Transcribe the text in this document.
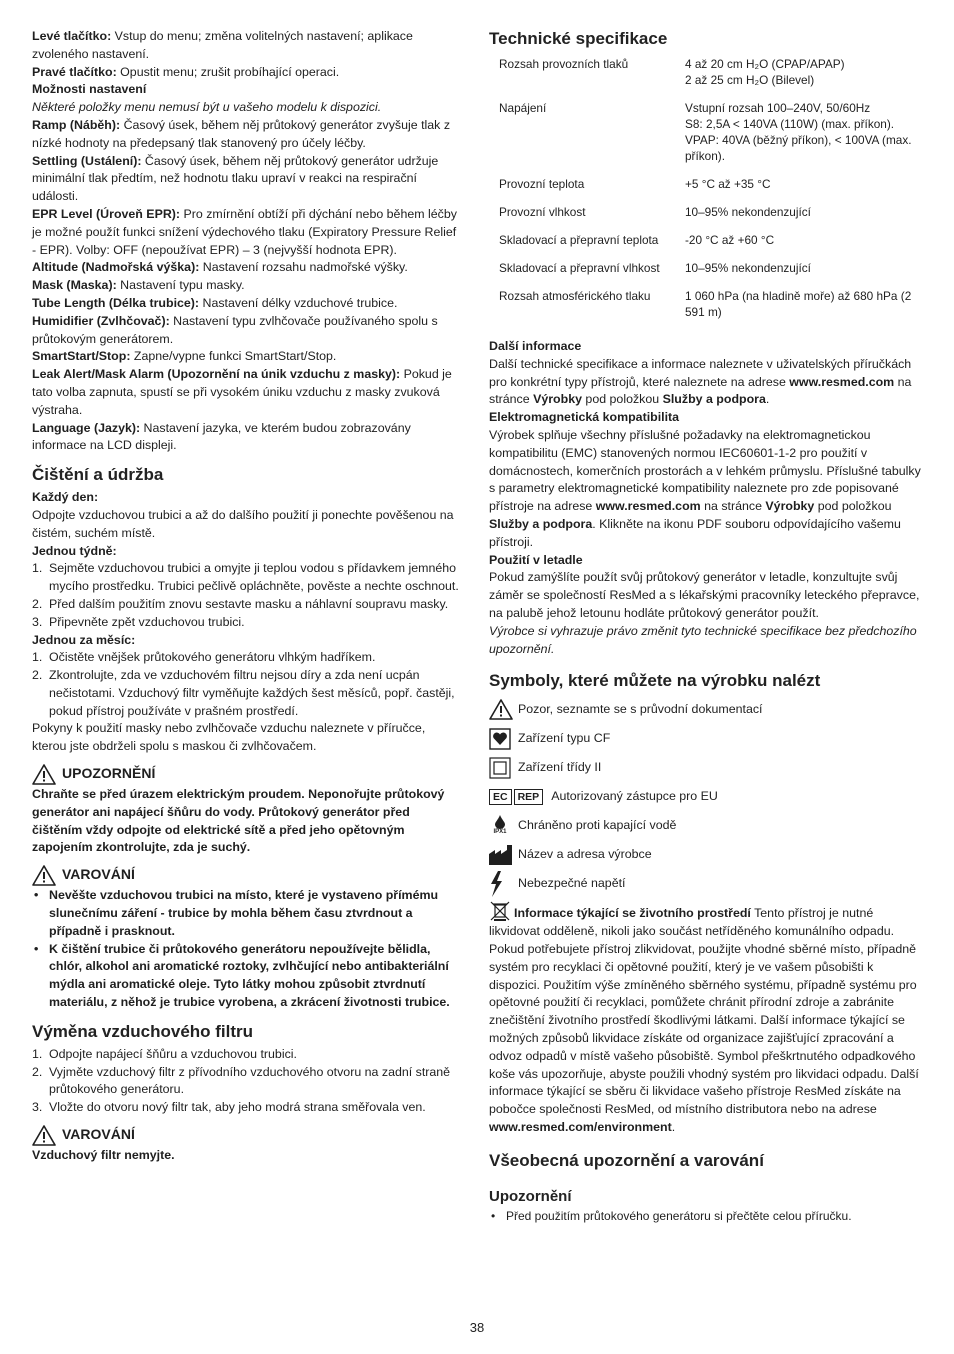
Levé tlačítko: Vstup do menu; změna volitelných nastavení; aplikace zvoleného nastavení.

Pravé tlačítko: Opustit menu; zrušit probíhající operaci.

Možnosti nastavení

Některé položky menu nemusí být u vašeho modelu k dispozici.

Ramp (Náběh): Časový úsek, během něj průtokový generátor zvyšuje tlak z nízké hodnoty na předepsaný tlak stanovený pro účely léčby.

Settling (Ustálení): Časový úsek, během něj průtokový generátor udržuje minimální tlak předtím, než hodnotu tlaku upraví v reakci na respirační události.

EPR Level (Úroveň EPR): Pro zmírnění obtíží při dýchání nebo během léčby je možné použít funkci snížení výdechového tlaku (Expiratory Pressure Relief - EPR). Volby: OFF (nepoužívat EPR) – 3 (nejvyšší hodnota EPR).

Altitude (Nadmořská výška): Nastavení rozsahu nadmořské výšky.

Mask (Maska): Nastavení typu masky.

Tube Length (Délka trubice): Nastavení délky vzduchové trubice.

Humidifier (Zvlhčovač): Nastavení typu zvlhčovače používaného spolu s průtokovým generátorem.

SmartStart/Stop: Zapne/vypne funkci SmartStart/Stop.

Leak Alert/Mask Alarm (Upozornění na únik vzduchu z masky): Pokud je tato volba zapnuta, spustí se při vysokém úniku vzduchu z masky zvuková výstraha.

Language (Jazyk): Nastavení jazyka, ve kterém budou zobrazovány informace na LCD displeji.

Čištění a údržba

Každý den:

Odpojte vzduchovou trubici a až do dalšího použití ji ponechte pověšenou na čistém, suchém místě.

Jednou týdně:

1. Sejměte vzduchovou trubici a omyjte ji teplou vodou s přídavkem jemného mycího prostředku. Trubici pečlivě opláchněte, pověste a nechte oschnout.
2. Před dalším použitím znovu sestavte masku a náhlavní soupravu masky.
3. Připevněte zpět vzduchovou trubici.

Jednou za měsíc:

1. Očistěte vnějšek průtokového generátoru vlhkým hadříkem.
2. Zkontrolujte, zda ve vzduchovém filtru nejsou díry a zda není ucpán nečistotami. Vzduchový filtr vyměňujte každých šest měsíců, popř. častěji, pokud přístroj používáte v prašném prostředí.

Pokyny k použití masky nebo zvlhčovače vzduchu naleznete v příručce, kterou jste obdrželi spolu s maskou či zvlhčovačem.

UPOZORNĚNÍ

Chraňte se před úrazem elektrickým proudem. Neponořujte průtokový generátor ani napájecí šňůru do vody. Průtokový generátor před čištěním vždy odpojte od elektrické sítě a před jeho opětovným zapojením zkontrolujte, zda je suchý.

VAROVÁNÍ
• Nevěšte vzduchovou trubici na místo, které je vystaveno přímému slunečnímu záření - trubice by mohla během času ztvrdnout a případně i prasknout.
• K čištění trubice či průtokového generátoru nepoužívejte bělidla, chlór, alkohol ani aromatické roztoky, zvlhčující nebo antibakteriální mýdla ani aromatické oleje. Tyto látky mohou způsobit ztvrdnutí materiálu, z něhož je trubice vyrobena, a zkrácení životnosti trubice.
Výměna vzduchového filtru
1. Odpojte napájecí šňůru a vzduchovou trubici.
2. Vyjměte vzduchový filtr z přívodního vzduchového otvoru na zadní straně průtokového generátoru.
3. Vložte do otvoru nový filtr tak, aby jeho modrá strana směřovala ven.
VAROVÁNÍ

Vzduchový filtr nemyjte.

Technické specifikace
Rozsah provozních tlaků	4 až 20 cm H₂O (CPAP/APAP)
2 až 25 cm H₂O (Bilevel)

Napájení	Vstupní rozsah 100–240V, 50/60Hz
S8: 2,5A < 140VA (110W) (max. příkon).
VPAP: 40VA (běžný příkon), < 100VA (max. příkon).

Provozní teplota	+5 °C až +35 °C

Provozní vlhkost	10–95% nekondenzující

Skladovací a přepravní teplota	-20 °C až +60 °C

Skladovací a přepravní vlhkost	10–95% nekondenzující

Rozsah atmosférického tlaku	1 060 hPa (na hladině moře) až 680 hPa (2 591 m)

Další informace

Další technické specifikace a informace naleznete v uživatelských příručkách pro konkrétní typy přístrojů, které naleznete na adrese www.resmed.com na stránce Výrobky pod položkou Služby a podpora.

Elektromagnetická kompatibilita

Výrobek splňuje všechny příslušné požadavky na elektromagnetickou kompatibilitu (EMC) stanovených normou IEC60601-1-2 pro použití v domácnostech, komerčních prostorách a v lehkém průmyslu. Příslušné tabulky s parametry elektromagnetické kompatibility naleznete pro zde popisované přístroje na adrese www.resmed.com na stránce Výrobky pod položkou Služby a podpora. Klikněte na ikonu PDF souboru odpovídajícího vašemu přístroji.

Použití v letadle

Pokud zamýšlíte použít svůj průtokový generátor v letadle, konzultujte svůj záměr se společností ResMed a s lékařskými pracovníky leteckého přepravce, na palubě jehož letounu hodláte průtokový generátor použít.

Výrobce si vyhrazuje právo změnit tyto technické specifikace bez předchozího upozornění.

Symboly, které můžete na výrobku nalézt
Pozor, seznamte se s průvodní dokumentací
Zařízení typu CF
Zařízení třídy II
EC REP Autorizovaný zástupce pro EU
IPX1
Chráněno proti kapající vodě
Název a adresa výrobce
Nebezpečné napětí

Informace týkající se životního prostředí Tento přístroj je nutné likvidovat odděleně, nikoli jako součást netříděného komunálního odpadu. Pokud potřebujete přístroj zlikvidovat, použijte vhodné sběrné místo, případně systém pro recyklaci či opětovné použití, který je ve vašem působišti k dispozici. Použitím výše zmíněného sběrného systému, případně systému pro opětovné použití či recyklaci, pomůžete chránit přírodní zdroje a zabránite znečištění životního prostředí škodlivými látkami. Další informace týkající se možných způsobů likvidace získáte od organizace zajišťující zpracování a odvoz odpadů v místě vašeho působiště. Symbol přeškrtnutého odpadkového koše vás upozorňuje, abyste použili vhodný systém pro likvidaci odpadu. Další informace týkající se sběru či likvidace vašeho přístroje ResMed získáte na pobočce společnosti ResMed, od místního distributora nebo na adrese www.resmed.com/environment.

Všeobecná upozornění a varování
Upozornění
• Před použitím průtokového generátoru si přečtěte celou příručku.
38
